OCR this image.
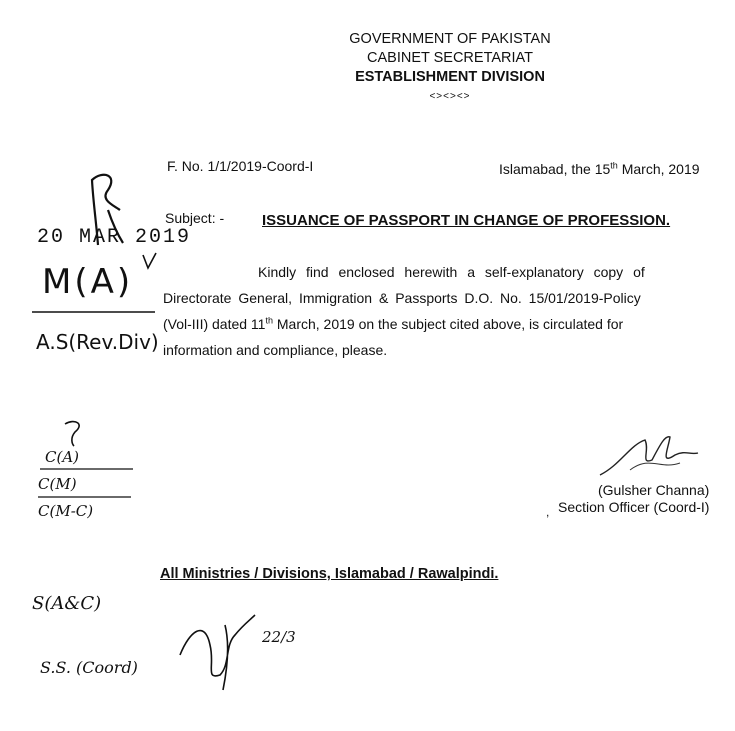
GOVERNMENT OF PAKISTAN
CABINET SECRETARIAT
ESTABLISHMENT DIVISION
<><><>
F. No. 1/1/2019-Coord-I	Islamabad, the 15th March, 2019
Subject: -	ISSUANCE OF PASSPORT IN CHANGE OF PROFESSION.
Kindly find enclosed herewith a self-explanatory copy of
Directorate General, Immigration & Passports D.O. No. 15/01/2019-Policy
(Vol-III) dated 11th March, 2019 on the subject cited above, is circulated for
information and compliance, please.
(Gulsher Channa)
, Section Officer (Coord-I)
All Ministries / Divisions, Islamabad / Rawalpindi.
20 MAR 2019
M(A)
A.S(Rev.Div)
C(A)
C(M)
C(M-C)
S(A&C)
S.S. (Coord)
22/3
